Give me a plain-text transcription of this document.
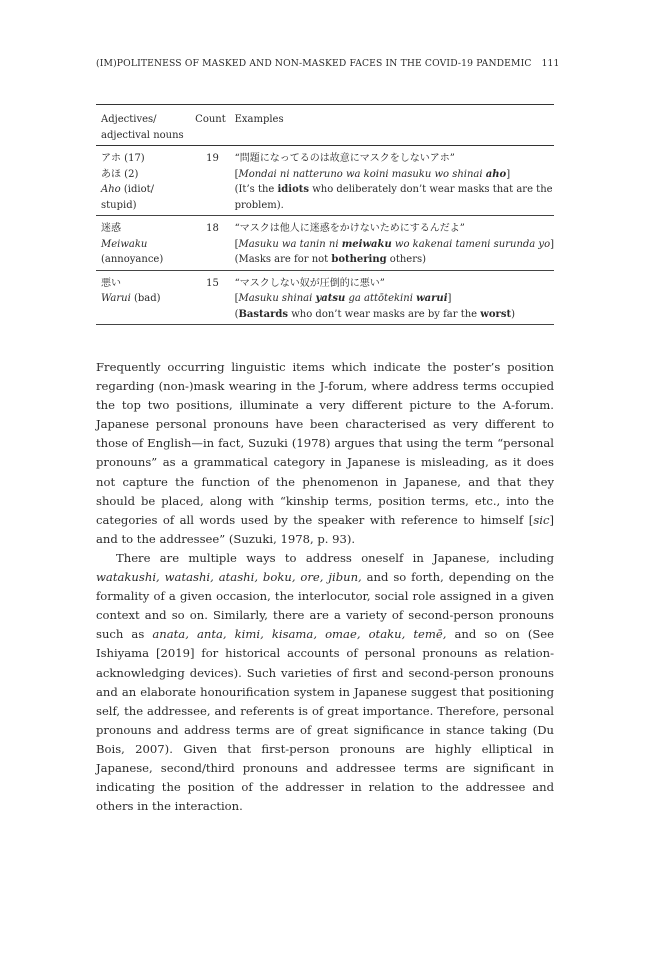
(IM)POLITENESS OF MASKED AND NON-MASKED FACES IN THE COVID-19 PANDEMIC 111
Adjectives/ adjectival nouns	Count	Examples

アホ (17)
あほ (2)
Aho (idiot/
stupid)	19	“問題になってるのは故意にマスクをしないアホ”
[Mondai ni natteruno wa koini masuku wo shinai aho]
(It’s the idiots who deliberately don’t wear masks that are the
problem).

迷惑
Meiwaku
(annoyance)	18	“マスクは他人に迷惑をかけないためにするんだよ”
[Masuku wa tanin ni meiwaku wo kakenai tameni surunda yo]
(Masks are for not bothering others)

悪い
Warui (bad)	15	“マスクしない奴が圧倒的に悪い”
[Masuku shinai yatsu ga attōtekini warui]
(Bastards who don’t wear masks are by far the worst)

Frequently occurring linguistic items which indicate the poster’s position regarding (non-)mask wearing in the J-forum, where address terms occupied the top two positions, illuminate a very different picture to the A-forum. Japanese personal pronouns have been characterised as very different to those of English—in fact, Suzuki (1978) argues that using the term “personal pronouns” as a grammatical category in Japanese is misleading, as it does not capture the function of the phenomenon in Japanese, and that they should be placed, along with “kinship terms, position terms, etc., into the categories of all words used by the speaker with reference to himself [sic] and to the addressee” (Suzuki, 1978, p. 93).

There are multiple ways to address oneself in Japanese, including watakushi, watashi, atashi, boku, ore, jibun, and so forth, depending on the formality of a given occasion, the interlocutor, social role assigned in a given context and so on. Similarly, there are a variety of second-person pronouns such as anata, anta, kimi, kisama, omae, otaku, temē, and so on (See Ishiyama [2019] for historical accounts of personal pronouns as relation-acknowledging devices). Such varieties of first and second-person pronouns and an elaborate honourification system in Japanese suggest that positioning self, the addressee, and referents is of great importance. Therefore, personal pronouns and address terms are of great significance in stance taking (Du Bois, 2007). Given that first-person pronouns are highly elliptical in Japanese, second/third pronouns and addressee terms are significant in indicating the position of the addresser in relation to the addressee and others in the interaction.
